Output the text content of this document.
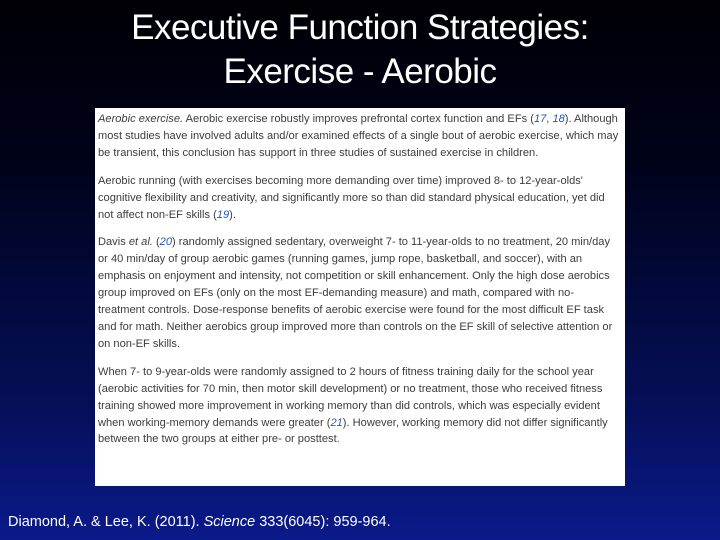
Executive Function Strategies:
Exercise - Aerobic

Aerobic exercise. Aerobic exercise robustly improves prefrontal cortex function and EFs (17, 18). Although most studies have involved adults and/or examined effects of a single bout of aerobic exercise, which may be transient, this conclusion has support in three studies of sustained exercise in children.

Aerobic running (with exercises becoming more demanding over time) improved 8- to 12-year-olds' cognitive flexibility and creativity, and significantly more so than did standard physical education, yet did not affect non-EF skills (19).

Davis et al. (20) randomly assigned sedentary, overweight 7- to 11-year-olds to no treatment, 20 min/day or 40 min/day of group aerobic games (running games, jump rope, basketball, and soccer), with an emphasis on enjoyment and intensity, not competition or skill enhancement. Only the high dose aerobics group improved on EFs (only on the most EF-demanding measure) and math, compared with no-treatment controls. Dose-response benefits of aerobic exercise were found for the most difficult EF task and for math. Neither aerobics group improved more than controls on the EF skill of selective attention or on non-EF skills.

When 7- to 9-year-olds were randomly assigned to 2 hours of fitness training daily for the school year (aerobic activities for 70 min, then motor skill development) or no treatment, those who received fitness training showed more improvement in working memory than did controls, which was especially evident when working-memory demands were greater (21). However, working memory did not differ significantly between the two groups at either pre- or posttest.

Diamond, A. & Lee, K. (2011). Science 333(6045): 959-964.
